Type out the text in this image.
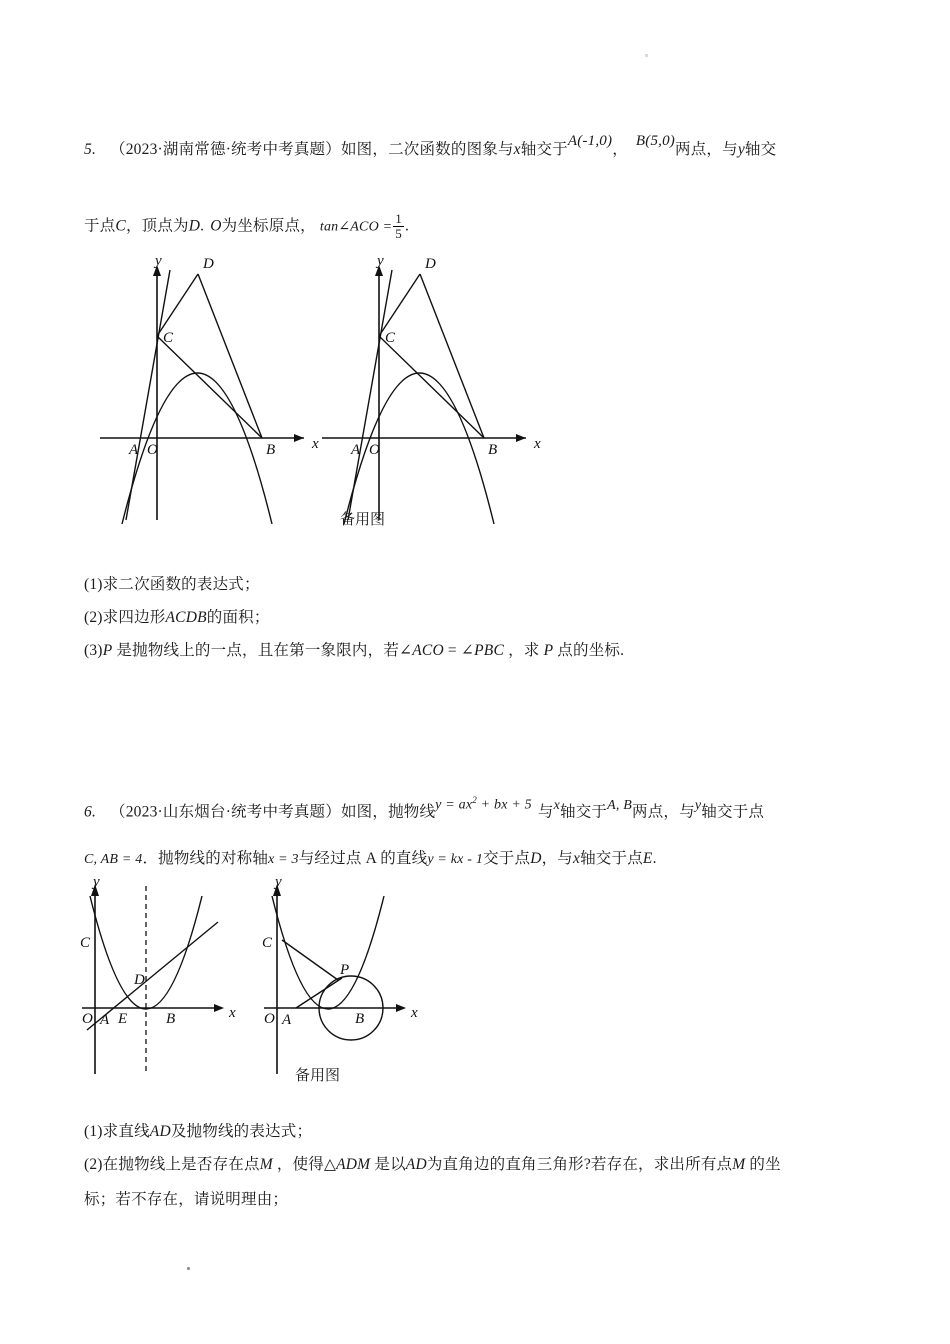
5. （2023·湖南常德·统考中考真题）如图，二次函数的图象与x轴交于A(-1,0)， B(5,0)两点，与y轴交
于点C，顶点为D. O为坐标原点， tan∠ACO = $\frac{1}{5}$ .
y
x
A O	B
C
D	y
x
A O	B
C
D
备用图
(1)求二次函数的表达式；
(2)求四边形ACDB的面积；
(3)P 是抛物线上的一点，且在第一象限内，若∠ACO = ∠PBC ，求 P 点的坐标.
6. （2023·山东烟台·统考中考真题）如图，抛物线$y = ax^2$ + bx + 5 与x轴交于A, B两点，与y轴交于点
C, AB = 4．抛物线的对称轴x = 3与经过点 A 的直线y = kx - 1交于点D，与x轴交于点E.
y
x
O A E	B
C
D
y
x
O A	B
C
P
备用图
(1)求直线AD及抛物线的表达式；
(2)在抛物线上是否存在点M ，使得△ADM 是以AD为直角边的直角三角形?若存在，求出所有点M 的坐
标；若不存在，请说明理由；
